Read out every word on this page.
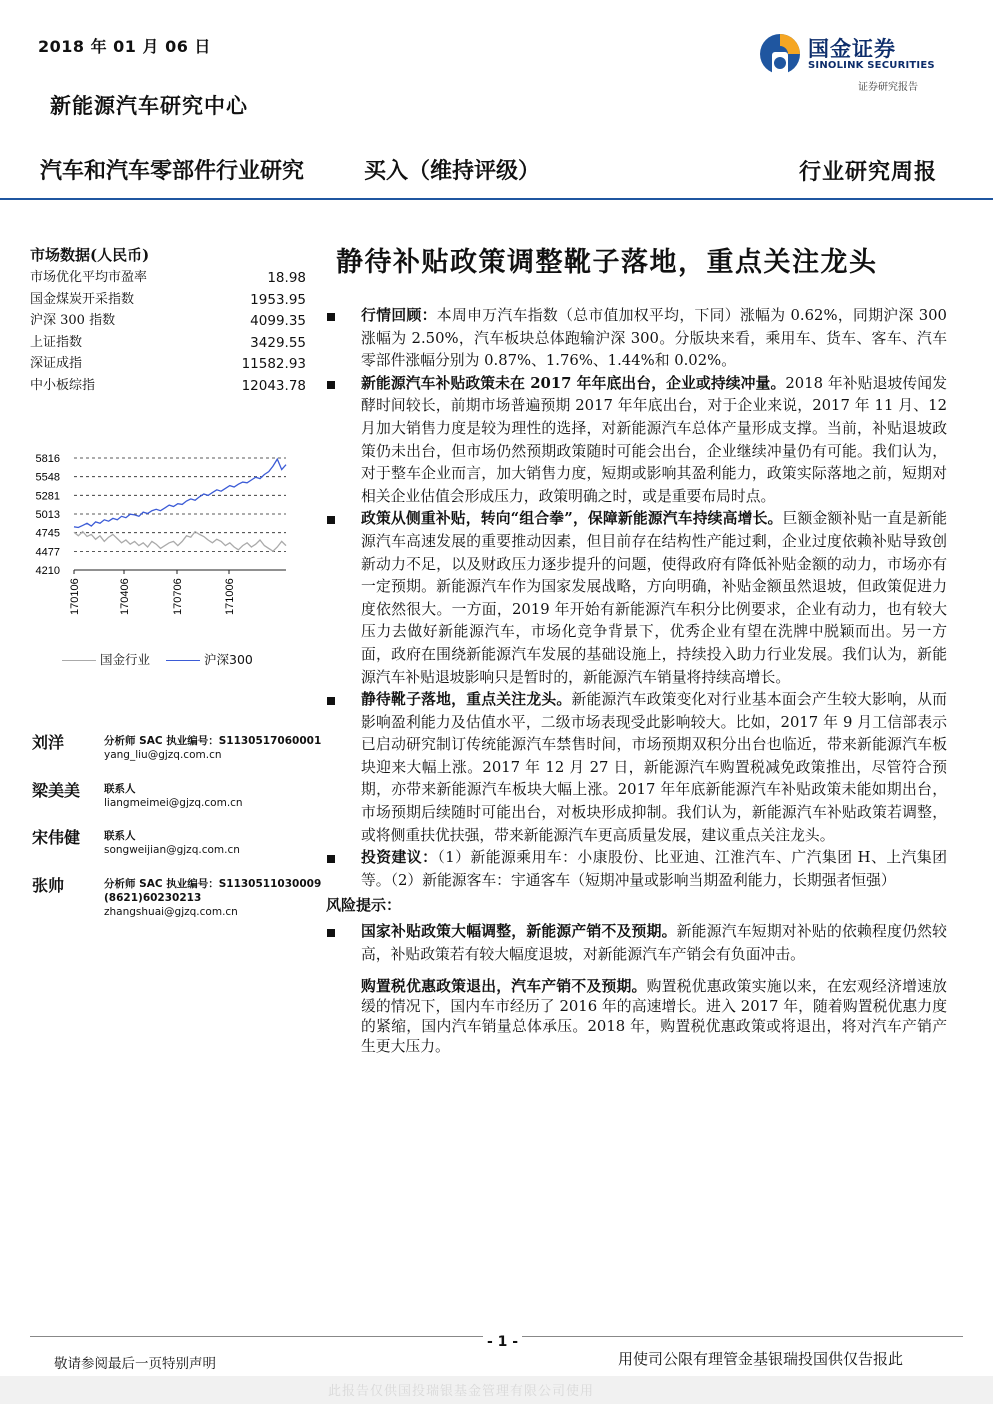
2018 年 01 月 06 日
新能源汽车研究中心
国金证券
SINOLINK SECURITIES
证券研究报告
汽车和汽车零部件行业研究	买入（维持评级）	行业研究周报
市场数据(人民币)
市场优化平均市盈率	18.98
国金煤炭开采指数	1953.95
沪深 300 指数	4099.35
上证指数	3429.55
深证成指	11582.93
中小板综指	12043.78
5816
5548
5281
5013
4745
4477
4210
170106	170406	170706	171006
国金行业	沪深300
刘洋	分析师 SAC 执业编号：S1130517060001
yang_liu@gjzq.com.cn
梁美美 联系人
liangmeimei@gjzq.com.cn
宋伟健 联系人
songweijian@gjzq.com.cn
张帅	分析师 SAC 执业编号：S1130511030009
(8621)60230213
zhangshuai@gjzq.com.cn
静待补贴政策调整靴子落地，重点关注龙头
行情回顾：本周申万汽车指数（总市值加权平均，下同）涨幅为 0.62%，同期沪深 300 涨幅为 2.50%，汽车板块总体跑输沪深 300。分版块来看，乘用车、货车、客车、汽车零部件涨幅分别为 0.87%、1.76%、1.44%和 0.02%。
新能源汽车补贴政策未在 2017 年年底出台，企业或持续冲量。2018 年补贴退坡传闻发酵时间较长，前期市场普遍预期 2017 年年底出台，对于企业来说，2017 年 11 月、12 月加大销售力度是较为理性的选择，对新能源汽车总体产量形成支撑。当前，补贴退坡政策仍未出台，但市场仍然预期政策随时可能会出台，企业继续冲量仍有可能。我们认为，对于整车企业而言，加大销售力度，短期或影响其盈利能力，政策实际落地之前，短期对相关企业估值会形成压力，政策明确之时，或是重要布局时点。
政策从侧重补贴，转向“组合拳”，保障新能源汽车持续高增长。巨额金额补贴一直是新能源汽车高速发展的重要推动因素，但目前存在结构性产能过剩，企业过度依赖补贴导致创新动力不足，以及财政压力逐步提升的问题，使得政府有降低补贴金额的动力，市场亦有一定预期。新能源汽车作为国家发展战略，方向明确，补贴金额虽然退坡，但政策促进力度依然很大。一方面，2019 年开始有新能源汽车积分比例要求，企业有动力，也有较大压力去做好新能源汽车，市场化竞争背景下，优秀企业有望在洗牌中脱颖而出。另一方面，政府在围绕新能源汽车发展的基础设施上，持续投入助力行业发展。我们认为，新能源汽车补贴退坡影响只是暂时的，新能源汽车销量将持续高增长。
静待靴子落地，重点关注龙头。新能源汽车政策变化对行业基本面会产生较大影响，从而影响盈利能力及估值水平，二级市场表现受此影响较大。比如，2017 年 9 月工信部表示已启动研究制订传统能源汽车禁售时间，市场预期双积分出台也临近，带来新能源汽车板块迎来大幅上涨。2017 年 12 月 27 日，新能源汽车购置税减免政策推出，尽管符合预期，亦带来新能源汽车板块大幅上涨。2017 年年底新能源汽车补贴政策未能如期出台，市场预期后续随时可能出台，对板块形成抑制。我们认为，新能源汽车补贴政策若调整，或将侧重扶优扶强，带来新能源汽车更高质量发展，建议重点关注龙头。
投资建议：（1）新能源乘用车：小康股份、比亚迪、江淮汽车、广汽集团 H、上汽集团等。（2）新能源客车：宇通客车（短期冲量或影响当期盈利能力，长期强者恒强）
风险提示：
国家补贴政策大幅调整，新能源产销不及预期。新能源汽车短期对补贴的依赖程度仍然较高，补贴政策若有较大幅度退坡，对新能源汽车产销会有负面冲击。
购置税优惠政策退出，汽车产销不及预期。购置税优惠政策实施以来，在宏观经济增速放缓的情况下，国内车市经历了 2016 年的高速增长。进入 2017 年，随着购置税优惠力度的紧缩，国内汽车销量总体承压。2018 年，购置税优惠政策或将退出，将对汽车产销产生更大压力。
- 1 -
敬请参阅最后一页特别声明	用使司公限有理管金基银瑞投国供仅告报此
此报告仅供国投瑞银基金管理有限公司使用
